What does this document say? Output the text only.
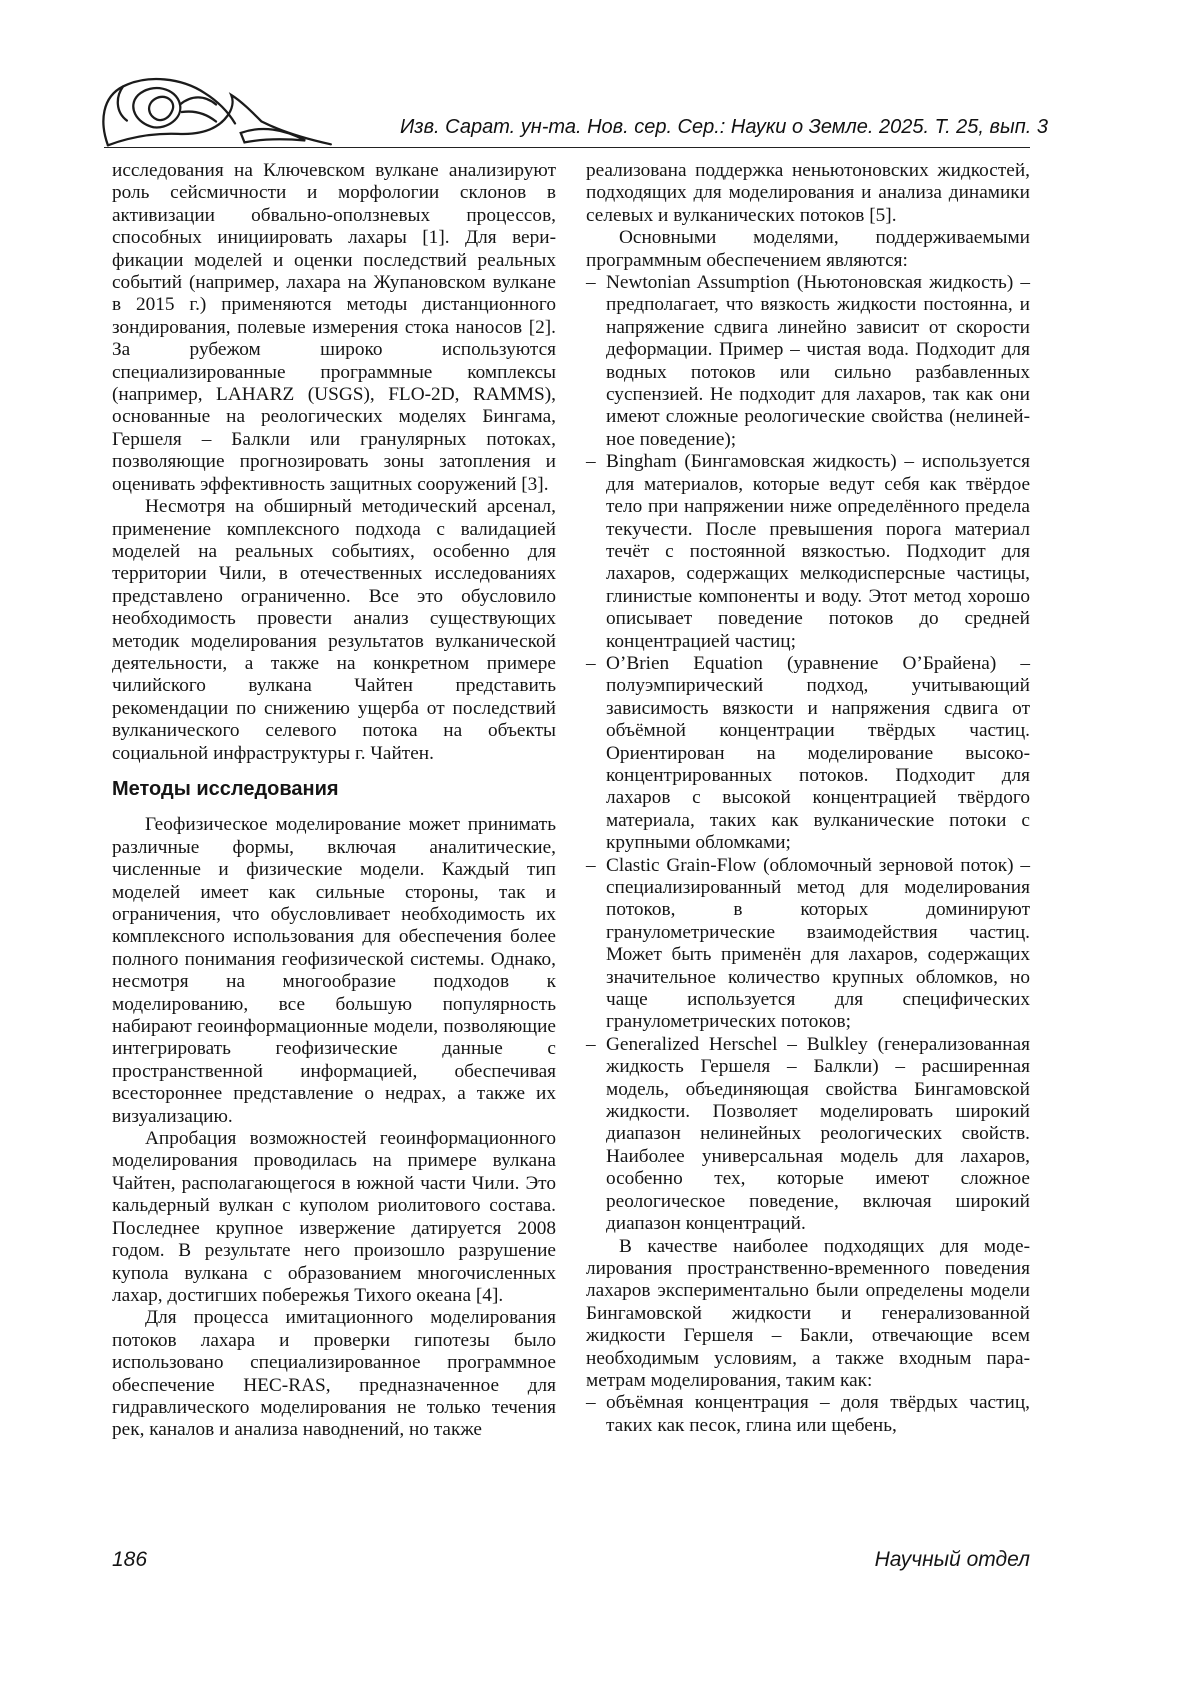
Изв. Сарат. ун-та. Нов. сер. Сер.: Науки о Земле. 2025. Т. 25, вып. 3

исследования на Ключевском вулкане анализируют роль сейсмичности и морфологии склонов в активизации обвально-оползневых процессов, способных инициировать лахары [1]. Для верификации моделей и оценки последствий реальных событий (например, лахара на Жупановском вулкане в 2015 г.) применяются методы дистанционного зондирования, полевые измерения стока наносов [2]. За рубежом широко используются специализированные программные комплексы (например, LAHARZ (USGS), FLO-2D, RAMMS), основанные на реологических моделях Бингама, Гершеля – Балкли или гранулярных потоках, позволяющие прогнозировать зоны затопления и оценивать эффективность защитных сооружений [3].

Несмотря на обширный методический арсенал, применение комплексного подхода с валидацией моделей на реальных событиях, особенно для территории Чили, в отечественных исследованиях представлено ограниченно. Все это обусловило необходимость провести анализ существующих методик моделирования результатов вулканической деятельности, а также на конкретном примере чилийского вулкана Чайтен представить рекомендации по снижению ущерба от последствий вулканического селевого потока на объекты социальной инфраструктуры г. Чайтен.

Методы исследования

Геофизическое моделирование может принимать различные формы, включая аналитические, численные и физические модели. Каждый тип моделей имеет как сильные стороны, так и ограничения, что обусловливает необходимость их комплексного использования для обеспечения более полного понимания геофизической системы. Однако, несмотря на многообразие подходов к моделированию, все большую популярность набирают геоинформационные модели, позволяющие интегрировать геофизические данные с пространственной информацией, обеспечивая всестороннее представление о недрах, а также их визуализацию.

Апробация возможностей геоинформационного моделирования проводилась на примере вулкана Чайтен, располагающегося в южной части Чили. Это кальдерный вулкан с куполом риолитового состава. Последнее крупное извержение датируется 2008 годом. В результате него произошло разрушение купола вулкана с образованием многочисленных лахар, достигших побережья Тихого океана [4].

Для процесса имитационного моделирования потоков лахара и проверки гипотезы было использовано специализированное программное обеспечение HEC-RAS, предназначенное для гидравлического моделирования не только течения рек, каналов и анализа наводнений, но также

реализована поддержка неньютоновских жидкостей, подходящих для моделирования и анализа динамики селевых и вулканических потоков [5].

Основными моделями, поддерживаемыми программным обеспечением являются:

– Newtonian Assumption (Ньютоновская жидкость) – предполагает, что вязкость жидкости постоянна, и напряжение сдвига линейно зависит от скорости деформации. Пример – чистая вода. Подходит для водных потоков или сильно разбавленных суспензией. Не подходит для лахаров, так как они имеют сложные реологические свойства (нелинейное поведение);
– Bingham (Бингамовская жидкость) – используется для материалов, которые ведут себя как твёрдое тело при напряжении ниже определённого предела текучести. После превышения порога материал течёт с постоянной вязкостью. Подходит для лахаров, содержащих мелкодисперсные частицы, глинистые компоненты и воду. Этот метод хорошо описывает поведение потоков до средней концентрацией частиц;
– O’Brien Equation (уравнение О’Брайена) – полуэмпирический подход, учитывающий зависимость вязкости и напряжения сдвига от объёмной концентрации твёрдых частиц. Ориентирован на моделирование высококонцентрированных потоков. Подходит для лахаров с высокой концентрацией твёрдого материала, таких как вулканические потоки с крупными обломками;
– Clastic Grain-Flow (обломочный зерновой поток) – специализированный метод для моделирования потоков, в которых доминируют гранулометрические взаимодействия частиц. Может быть применён для лахаров, содержащих значительное количество крупных обломков, но чаще используется для специфических гранулометрических потоков;
– Generalized Herschel – Bulkley (генерализованная жидкость Гершеля – Балкли) – расширенная модель, объединяющая свойства Бингамовской жидкости. Позволяет моделировать широкий диапазон нелинейных реологических свойств. Наиболее универсальная модель для лахаров, особенно тех, которые имеют сложное реологическое поведение, включая широкий диапазон концентраций.

В качестве наиболее подходящих для моделирования пространственно-временного поведения лахаров экспериментально были определены модели Бингамовской жидкости и генерализованной жидкости Гершеля – Бакли, отвечающие всем необходимым условиям, а также входным параметрам моделирования, таким как:

– объёмная концентрация – доля твёрдых частиц, таких как песок, глина или щебень,
186	Научный отдел
